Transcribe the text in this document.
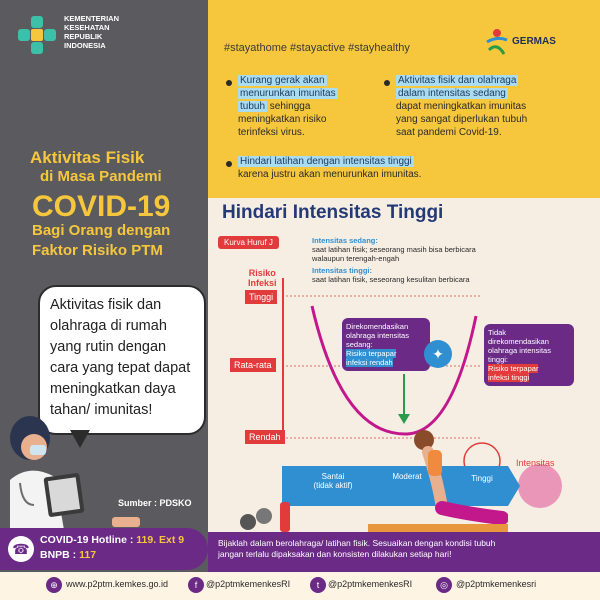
KEMENTERIAN
KESEHATAN
REPUBLIK
INDONESIA
Aktivitas Fisik
di Masa Pandemi
COVID-19
Bagi Orang dengan
Faktor Risiko PTM
Aktivitas fisik dan
olahraga di rumah
yang rutin dengan
cara yang tepat dapat
meningkatkan daya
tahan/ imunitas!
Sumber : PDSKO
☎
COVID-19 Hotline : 119. Ext 9
BNPB : 117
#stayathome #stayactive #stayhealthy
GERMAS
Kurang gerak akan
menurunkan imunitas
tubuh sehingga
meningkatkan risiko
terinfeksi virus.
Aktivitas fisik dan olahraga
dalam intensitas sedang
dapat meningkatkan imunitas
yang sangat diperlukan tubuh
saat pandemi Covid-19.
Hindari latihan dengan intensitas tinggi
karena justru akan menurunkan imunitas.
Hindari Intensitas Tinggi
Kurva Huruf J	Intensitas sedang:
saat latihan fisik; seseorang masih bisa berbicara
walaupun terengah-engah
Intensitas tinggi:
saat latihan fisik, seseorang kesulitan berbicara
Risiko
Infeksi
Tinggi
Rata-rata
Rendah
Direkomendasikan
olahraga intensitas
sedang:
Risiko terpapar
infeksi rendah
✦
Tidak
direkomendasikan
olahraga intensitas
tinggi:
Risiko terpapar
infeksi tinggi
Santai
(tidak aktif)
Moderat	Tinggi
Intensitas
Bijaklah dalam berolahraga/ latihan fisik. Sesuaikan dengan kondisi tubuh
jangan terlalu dipaksakan dan konsisten dilakukan setiap hari!
⊕ www.p2ptm.kemkes.go.id	f @p2ptmkemenkesRI	t @p2ptmkemenkesRI	◎ @p2ptmkemenkesri
